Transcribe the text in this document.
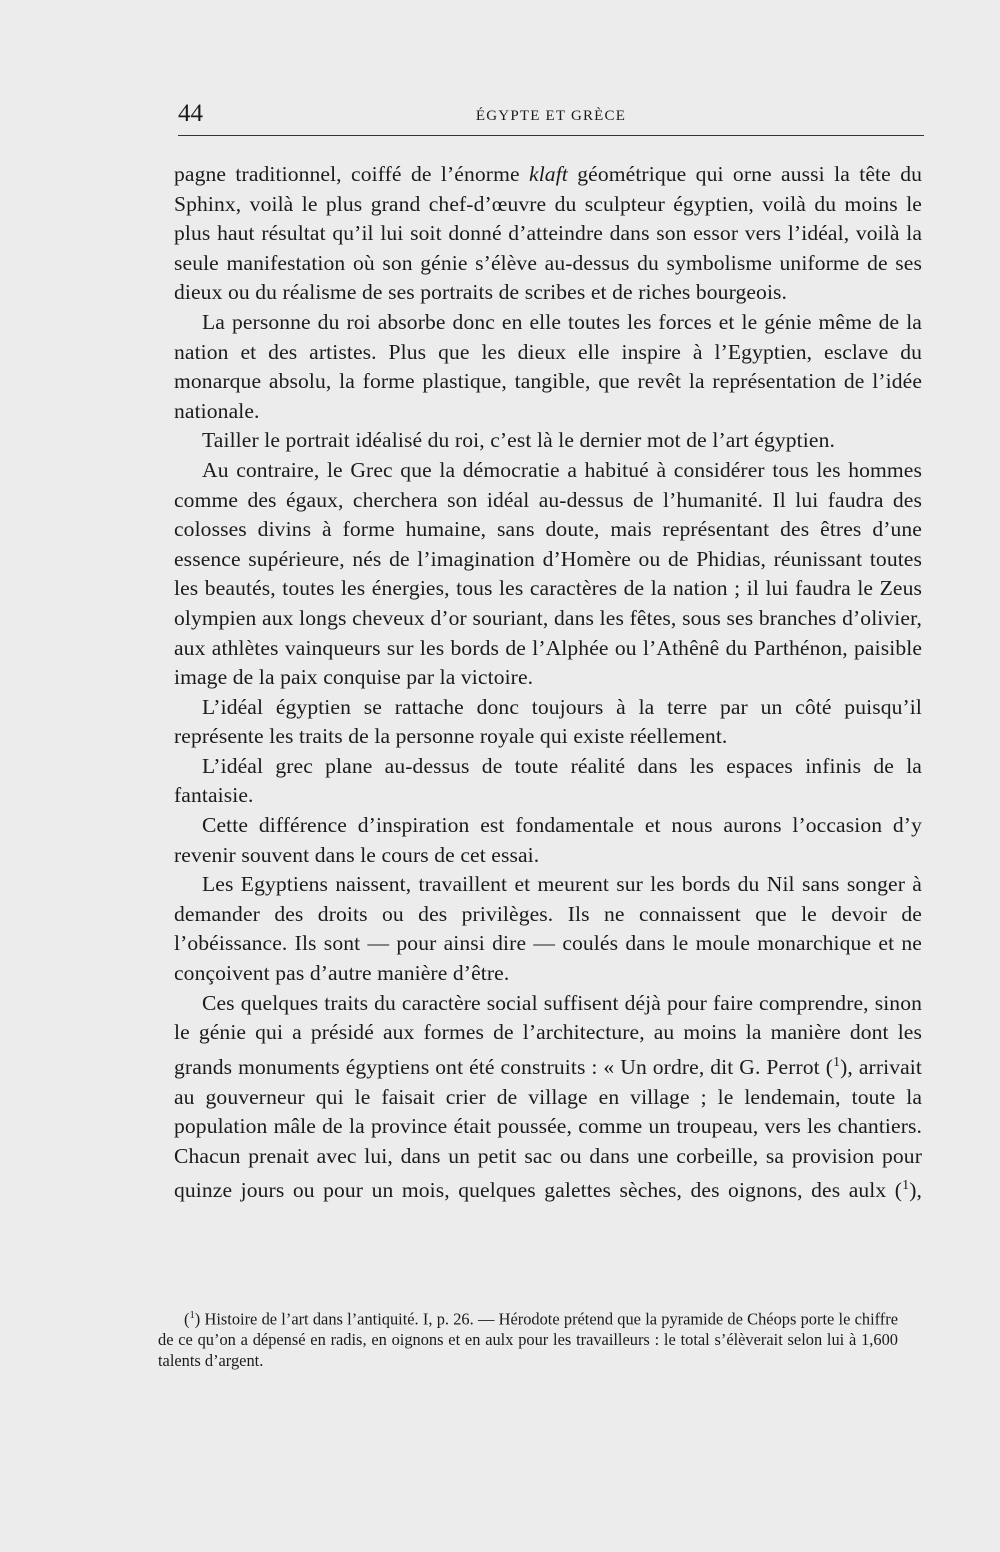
44	ÉGYPTE ET GRÈCE

pagne traditionnel, coiffé de l’énorme klaft géométrique qui orne aussi la tête du Sphinx, voilà le plus grand chef-d’œuvre du sculpteur égyptien, voilà du moins le plus haut résultat qu’il lui soit donné d’atteindre dans son essor vers l’idéal, voilà la seule manifestation où son génie s’élève au-dessus du symbolisme uniforme de ses dieux ou du réalisme de ses portraits de scribes et de riches bourgeois.

La personne du roi absorbe donc en elle toutes les forces et le génie même de la nation et des artistes. Plus que les dieux elle inspire à l’Egyptien, esclave du monarque absolu, la forme plastique, tangible, que revêt la représentation de l’idée nationale.

Tailler le portrait idéalisé du roi, c’est là le dernier mot de l’art égyptien.

Au contraire, le Grec que la démocratie a habitué à considérer tous les hommes comme des égaux, cherchera son idéal au-dessus de l’humanité. Il lui faudra des colosses divins à forme humaine, sans doute, mais représentant des êtres d’une essence supérieure, nés de l’imagination d’Homère ou de Phidias, réunissant toutes les beautés, toutes les énergies, tous les caractères de la nation ; il lui faudra le Zeus olympien aux longs cheveux d’or souriant, dans les fêtes, sous ses branches d’olivier, aux athlètes vainqueurs sur les bords de l’Alphée ou l’Athênê du Parthénon, paisible image de la paix conquise par la victoire.

L’idéal égyptien se rattache donc toujours à la terre par un côté puisqu’il représente les traits de la personne royale qui existe réellement.

L’idéal grec plane au-dessus de toute réalité dans les espaces infinis de la fantaisie.

Cette différence d’inspiration est fondamentale et nous aurons l’occasion d’y revenir souvent dans le cours de cet essai.

Les Egyptiens naissent, travaillent et meurent sur les bords du Nil sans songer à demander des droits ou des privilèges. Ils ne connaissent que le devoir de l’obéissance. Ils sont — pour ainsi dire — coulés dans le moule monarchique et ne conçoivent pas d’autre manière d’être.

Ces quelques traits du caractère social suffisent déjà pour faire comprendre, sinon le génie qui a présidé aux formes de l’architecture, au moins la manière dont les grands monuments égyptiens ont été construits : « Un ordre, dit G. Perrot ($^1$), arrivait au gouverneur qui le faisait crier de village en village ; le lendemain, toute la population mâle de la province était poussée, comme un troupeau, vers les chantiers. Chacun prenait avec lui, dans un petit sac ou dans une corbeille, sa provision pour quinze jours ou pour un mois, quelques galettes sèches, des oignons, des aulx ($^1$),

($^1$) Histoire de l’art dans l’antiquité. I, p. 26. — Hérodote prétend que la pyramide de Chéops porte le chiffre de ce qu’on a dépensé en radis, en oignons et en aulx pour les travailleurs : le total s’élèverait selon lui à 1,600 talents d’argent.
